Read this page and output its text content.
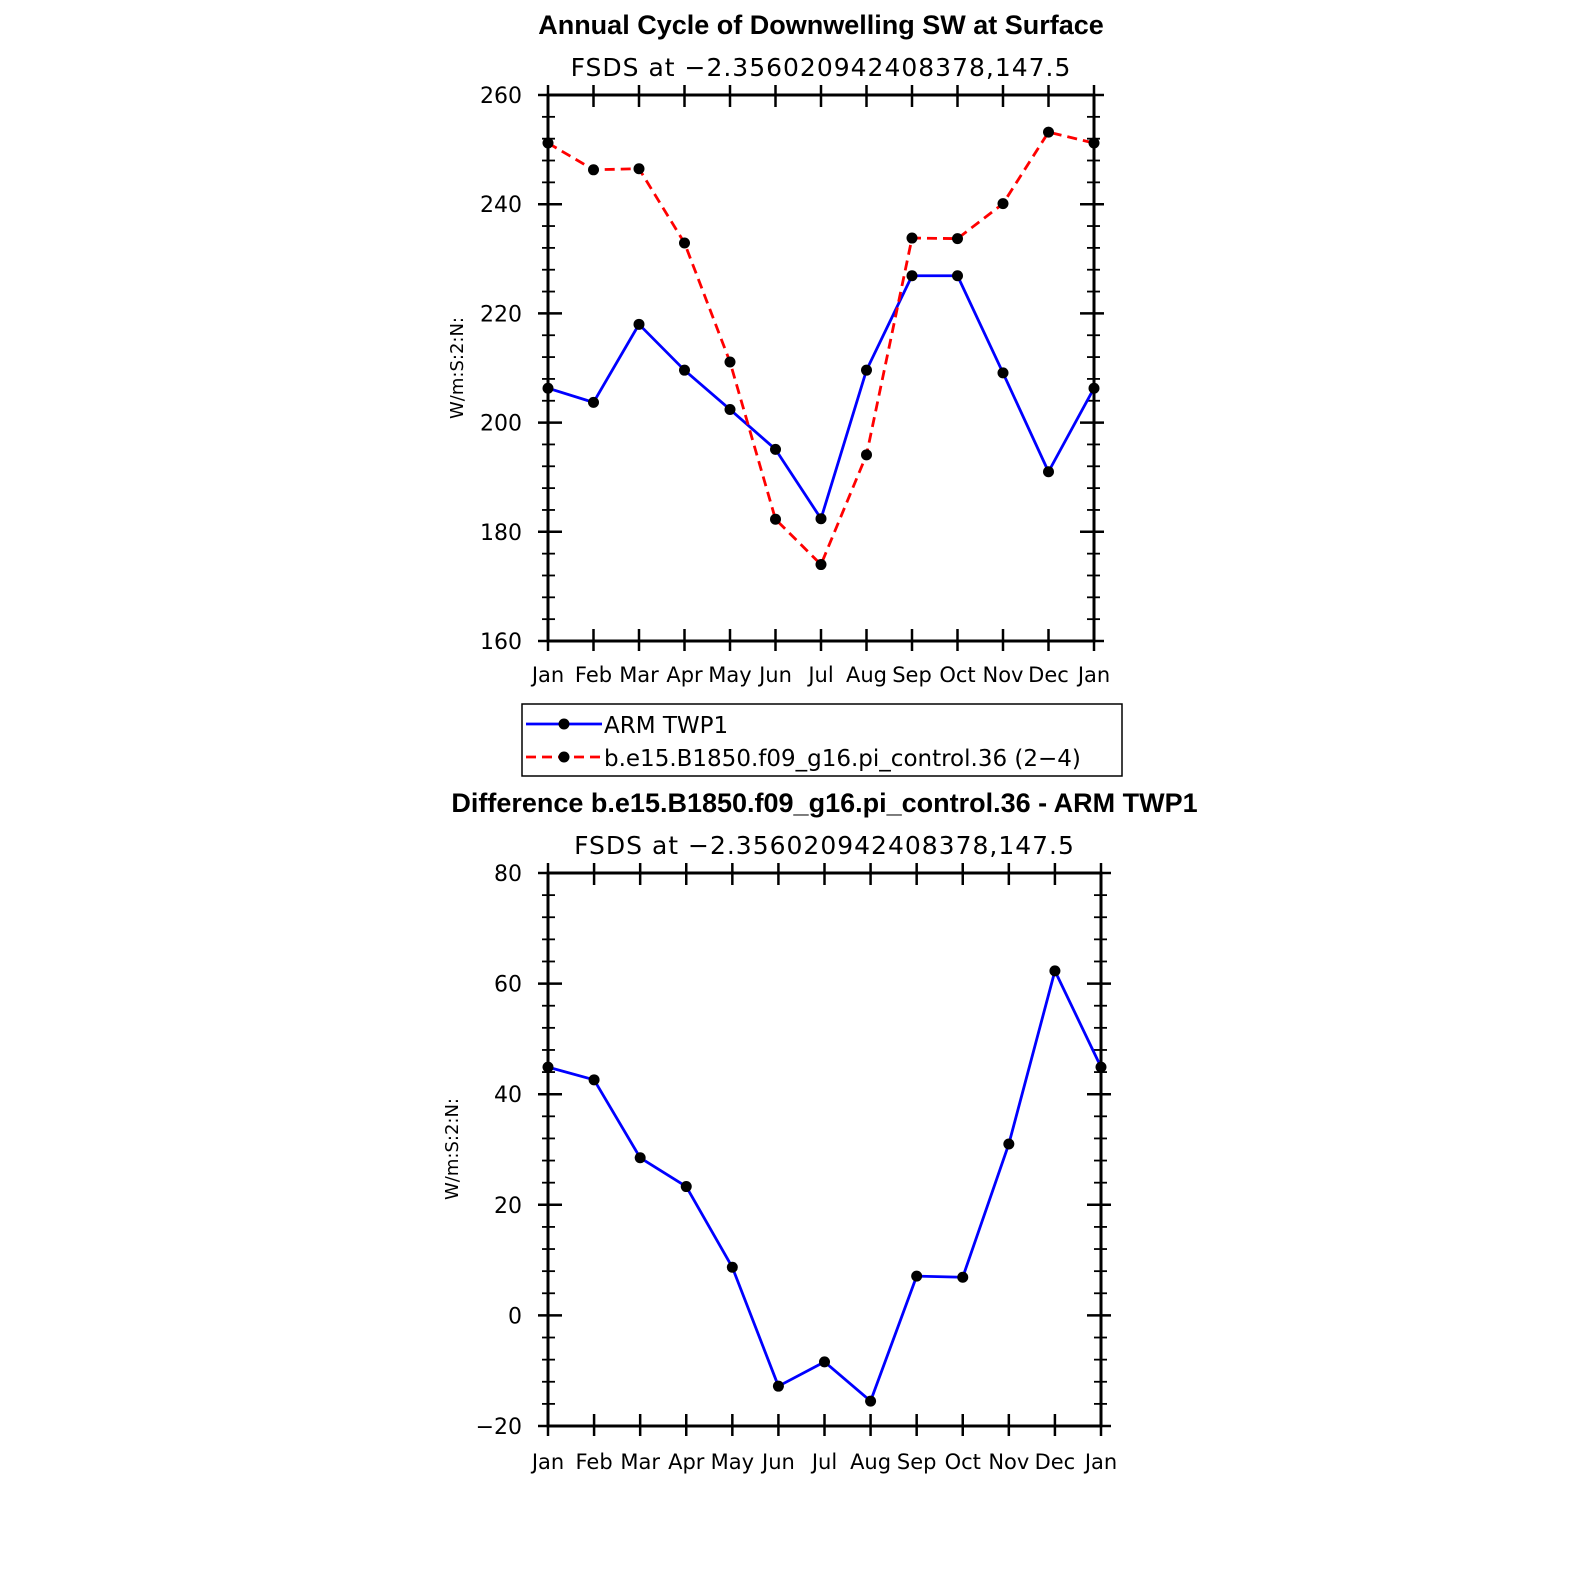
Annual Cycle of Downwelling SW at Surface
FSDS at −2.356020942408378,147.5
Jan Feb Mar Apr May Jun Jul Aug Sep Oct Nov Dec Jan
160
180
200
220
240
260
W/m:S:2:N:
ARM TWP1
b.e15.B1850.f09_g16.pi_control.36 (2−4)
Difference b.e15.B1850.f09_g16.pi_control.36 - ARM TWP1
FSDS at −2.356020942408378,147.5
Jan Feb Mar Apr May Jun Jul Aug Sep Oct Nov Dec Jan
−20
0
20
40
60
80
W/m:S:2:N:
